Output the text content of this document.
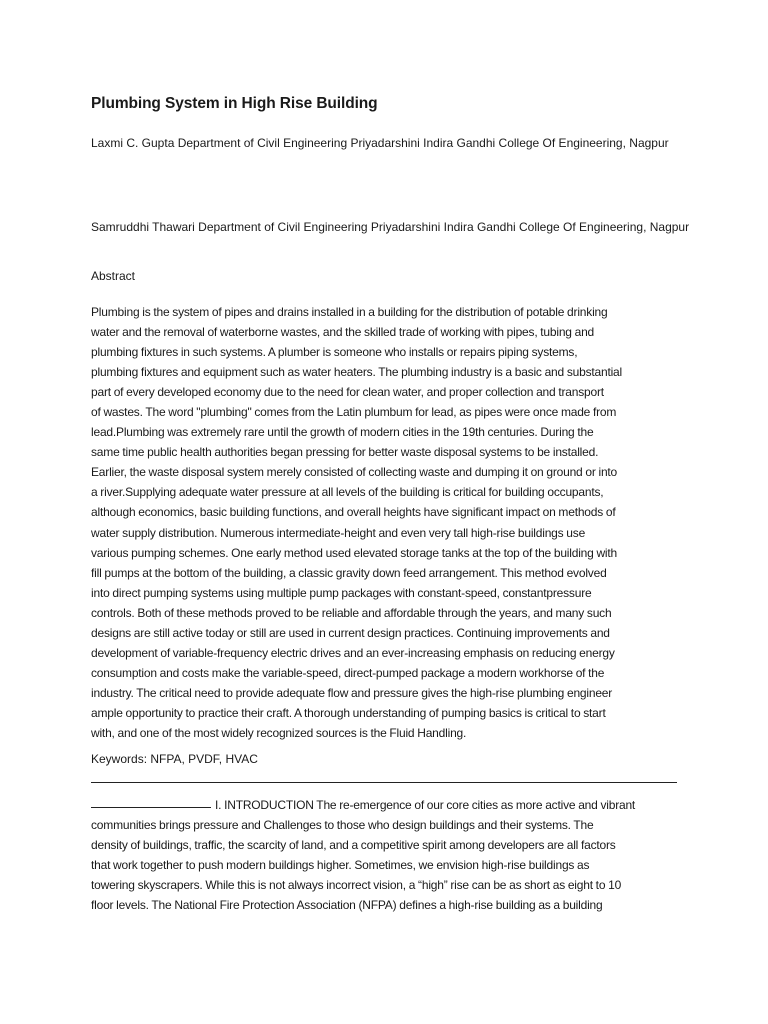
Plumbing System in High Rise Building
Laxmi C. Gupta Department of Civil Engineering Priyadarshini Indira Gandhi College Of Engineering, Nagpur
Samruddhi Thawari Department of Civil Engineering Priyadarshini Indira Gandhi College Of Engineering, Nagpur
Abstract
Plumbing is the system of pipes and drains installed in a building for the distribution of potable drinking
water and the removal of waterborne wastes, and the skilled trade of working with pipes, tubing and
plumbing fixtures in such systems. A plumber is someone who installs or repairs piping systems,
plumbing fixtures and equipment such as water heaters. The plumbing industry is a basic and substantial
part of every developed economy due to the need for clean water, and proper collection and transport
of wastes. The word "plumbing" comes from the Latin plumbum for lead, as pipes were once made from
lead.Plumbing was extremely rare until the growth of modern cities in the 19th centuries. During the
same time public health authorities began pressing for better waste disposal systems to be installed.
Earlier, the waste disposal system merely consisted of collecting waste and dumping it on ground or into
a river.Supplying adequate water pressure at all levels of the building is critical for building occupants,
although economics, basic building functions, and overall heights have significant impact on methods of
water supply distribution. Numerous intermediate-height and even very tall high-rise buildings use
various pumping schemes. One early method used elevated storage tanks at the top of the building with
fill pumps at the bottom of the building, a classic gravity down feed arrangement. This method evolved
into direct pumping systems using multiple pump packages with constant-speed, constantpressure
controls. Both of these methods proved to be reliable and affordable through the years, and many such
designs are still active today or still are used in current design practices. Continuing improvements and
development of variable-frequency electric drives and an ever-increasing emphasis on reducing energy
consumption and costs make the variable-speed, direct-pumped package a modern workhorse of the
industry. The critical need to provide adequate flow and pressure gives the high-rise plumbing engineer
ample opportunity to practice their craft. A thorough understanding of pumping basics is critical to start
with, and one of the most widely recognized sources is the Fluid Handling.
Keywords: NFPA, PVDF, HVAC
I. INTRODUCTION The re-emergence of our core cities as more active and vibrant
communities brings pressure and Challenges to those who design buildings and their systems. The
density of buildings, traffic, the scarcity of land, and a competitive spirit among developers are all factors
that work together to push modern buildings higher. Sometimes, we envision high-rise buildings as
towering skyscrapers. While this is not always incorrect vision, a “high” rise can be as short as eight to 10
floor levels. The National Fire Protection Association (NFPA) defines a high-rise building as a building
